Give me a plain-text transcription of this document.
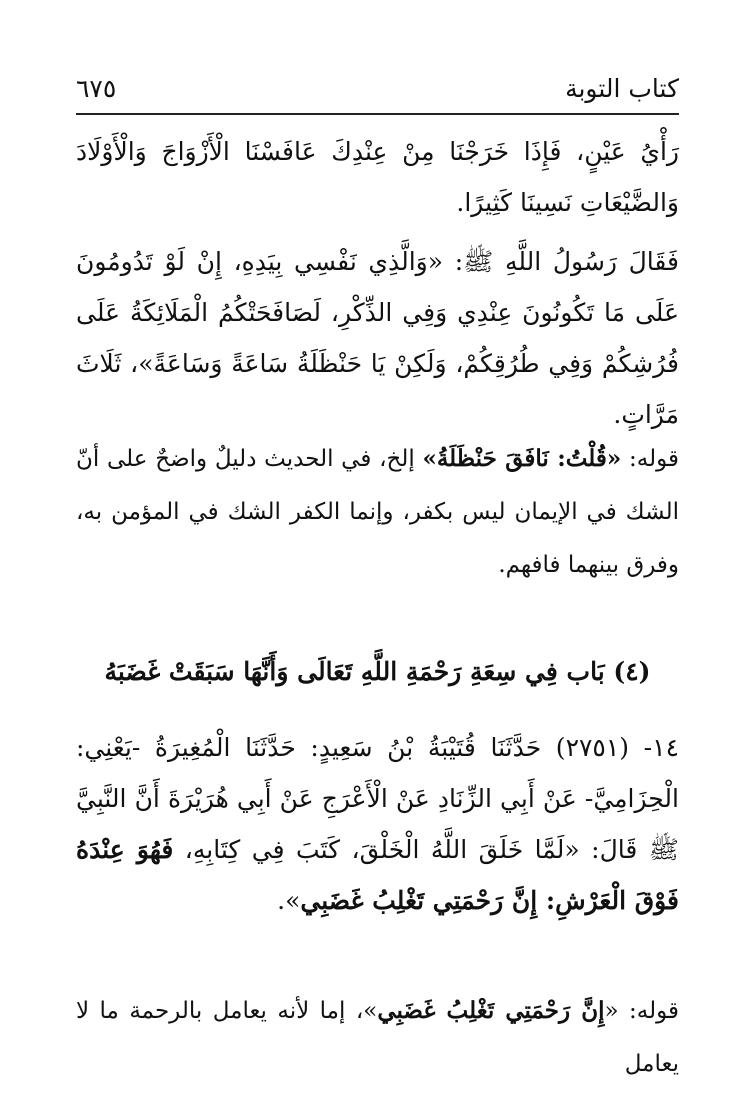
كتاب التوبة
٦٧٥

رَأْيُ عَيْنٍ، فَإِذَا خَرَجْنَا مِنْ عِنْدِكَ عَافَسْنَا الْأَزْوَاجَ وَالْأَوْلَادَ وَالضَّيْعَاتِ نَسِينَا كَثِيرًا.

فَقَالَ رَسُولُ اللَّهِ ﷺ: «وَالَّذِي نَفْسِي بِيَدِهِ، إِنْ لَوْ تَدُومُونَ عَلَى مَا تَكُونُونَ عِنْدِي وَفِي الذِّكْرِ، لَصَافَحَتْكُمُ الْمَلَائِكَةُ عَلَى فُرُشِكُمْ وَفِي طُرُقِكُمْ، وَلَكِنْ يَا حَنْظَلَةُ سَاعَةً وَسَاعَةً»، ثَلَاثَ مَرَّاتٍ.

قوله: «قُلْتُ: نَافَقَ حَنْظَلَةُ» إلخ، في الحديث دليلٌ واضحٌ على أنّ الشك في الإيمان ليس بكفر، وإنما الكفر الشك في المؤمن به، وفرق بينهما فافهم.

(٤) بَاب فِي سِعَةِ رَحْمَةِ اللَّهِ تَعَالَى وَأَنَّهَا سَبَقَتْ غَضَبَهُ

١٤- (٢٧٥١) حَدَّثَنَا قُتَيْبَةُ بْنُ سَعِيدٍ: حَدَّثَنَا الْمُغِيرَةُ -يَعْنِي: الْحِزَامِيَّ- عَنْ أَبِي الزِّنَادِ عَنْ الْأَعْرَجِ عَنْ أَبِي هُرَيْرَةَ أَنَّ النَّبِيَّ ﷺ قَالَ: «لَمَّا خَلَقَ اللَّهُ الْخَلْقَ، كَتَبَ فِي كِتَابِهِ، فَهُوَ عِنْدَهُ فَوْقَ الْعَرْشِ: إِنَّ رَحْمَتِي تَغْلِبُ غَضَبِي».

قوله: «إِنَّ رَحْمَتِي تَغْلِبُ غَضَبِي»، إما لأنه يعامل بالرحمة ما لا يعامل
